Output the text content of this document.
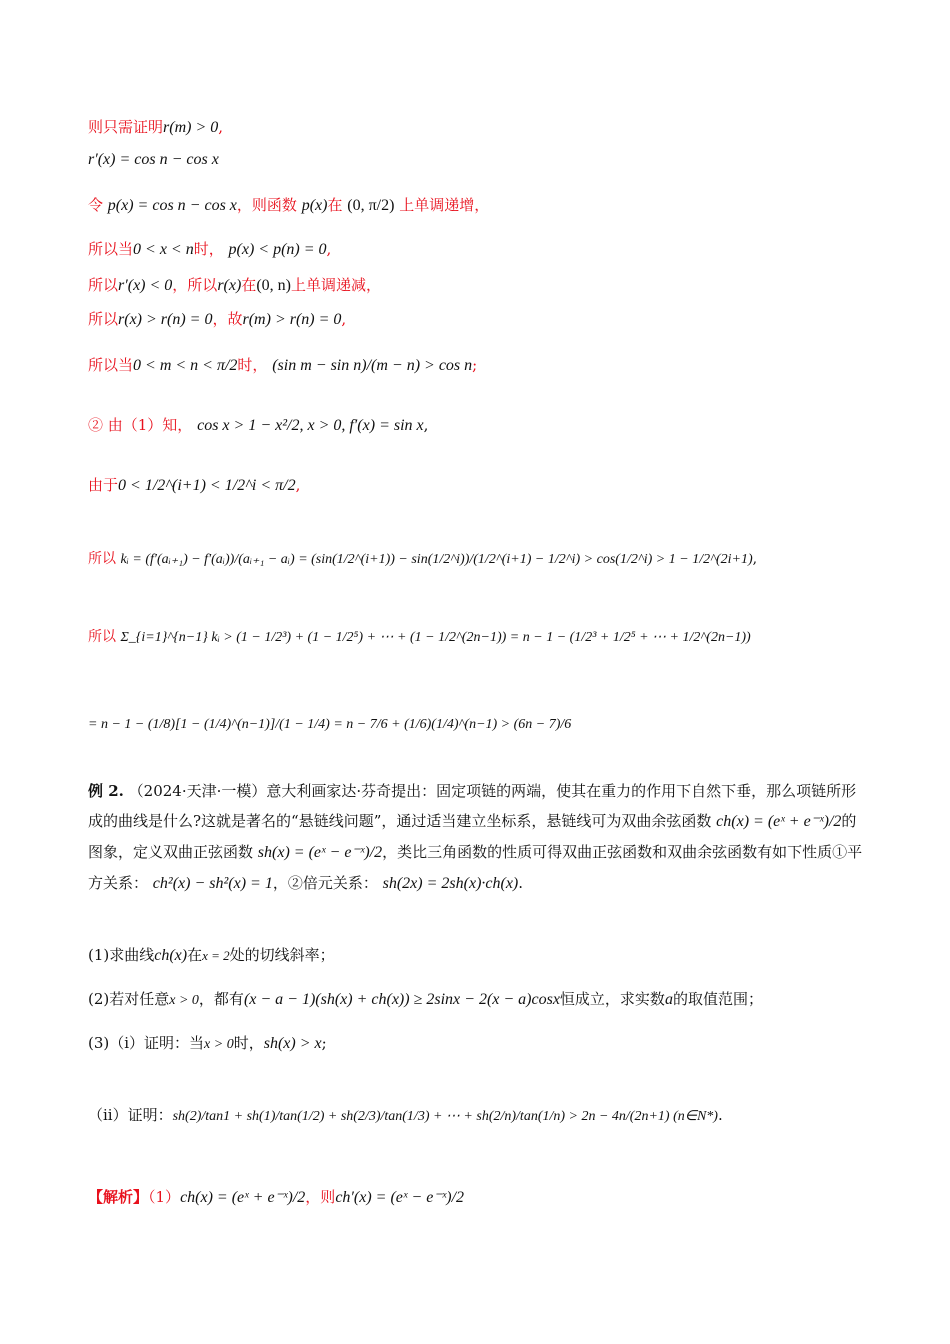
则只需证明r(m) > 0,
r′(x) = cos n − cos x
令 p(x) = cos n − cos x，则函数 p(x)在 (0, π/2) 上单调递增，
所以当0 < x < n时， p(x) < p(n) = 0,
所以r′(x) < 0，所以r(x)在(0, n)上单调递减，
所以r(x) > r(n) = 0，故r(m) > r(n) = 0,
所以当0 < m < n < π/2时， (sin m − sin n)/(m − n) > cos n;
② 由（1）知， cos x > 1 − x²/2, x > 0, f′(x) = sin x,
由于0 < 1/2^(i+1) < 1/2^i < π/2,
所以 kᵢ = (f′(aᵢ₊₁) − f′(aᵢ))/(aᵢ₊₁ − aᵢ) = (sin(1/2^(i+1)) − sin(1/2^i))/(1/2^(i+1) − 1/2^i) > cos(1/2^i) > 1 − 1/2^(2i+1),
所以 Σ_{i=1}^{n−1} kᵢ > (1 − 1/2³) + (1 − 1/2⁵) + ⋯ + (1 − 1/2^(2n−1)) = n − 1 − (1/2³ + 1/2⁵ + ⋯ + 1/2^(2n−1))
= n − 1 − (1/8)[1 − (1/4)^(n−1)]/(1 − 1/4) = n − 7/6 + (1/6)(1/4)^(n−1) > (6n − 7)/6
例 2. （2024·天津·一模）意大利画家达·芬奇提出：固定项链的两端，使其在重力的作用下自然下垂，那么项链所形成的曲线是什么?这就是著名的“悬链线问题”，通过适当建立坐标系，悬链线可为双曲余弦函数 ch(x) = (eˣ + e⁻ˣ)/2的图象，定义双曲正弦函数 sh(x) = (eˣ − e⁻ˣ)/2，类比三角函数的性质可得双曲正弦函数和双曲余弦函数有如下性质①平方关系： ch²(x) − sh²(x) = 1，②倍元关系： sh(2x) = 2sh(x)·ch(x).
(1)求曲线ch(x)在x = 2处的切线斜率；
(2)若对任意x > 0，都有(x − a − 1)(sh(x) + ch(x)) ≥ 2sinx − 2(x − a)cosx恒成立，求实数a的取值范围；
(3)（i）证明：当x > 0时，sh(x) > x;
（ii）证明：sh(2)/tan1 + sh(1)/tan(1/2) + sh(2/3)/tan(1/3) + ⋯ + sh(2/n)/tan(1/n) > 2n − 4n/(2n+1) (n∈N*).
【解析】（1）ch(x) = (eˣ + e⁻ˣ)/2，则ch′(x) = (eˣ − e⁻ˣ)/2
